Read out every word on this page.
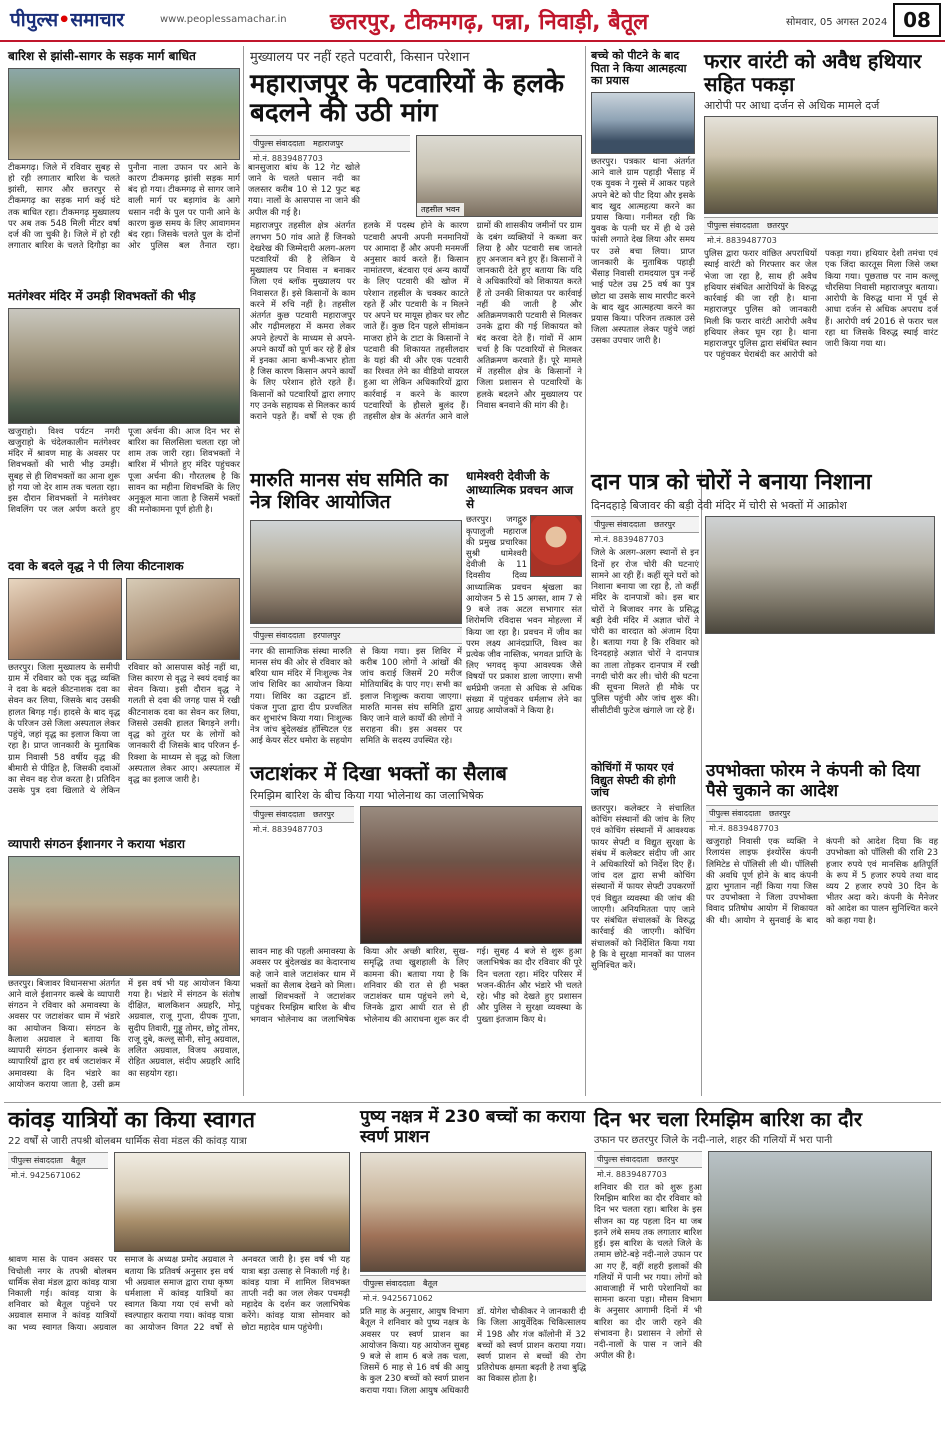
पीपुल्स•समाचार	www.peoplessamachar.in छतरपुर, टीकमगढ़, पन्ना, निवाड़ी, बैतूल	सोमवार, 05 अगस्त 2024 08
बारिश से झांसी-सागर के सड़क मार्ग बाधित
टीकमगढ़। जिले में रविवार सुबह से हो रही लगातार बारिश के चलते झांसी, सागर और छतरपुर से टीकमगढ़ का सड़क मार्ग कई घंटे तक बाधित रहा। टीकमगढ़ मुख्यालय पर अब तक 548 मिली मीटर वर्षा दर्ज की जा चुकी है। जिले में हो रही लगातार बारिश के चलते दिगौड़ा का पुनौना नाला उफान पर आने के कारण टीकमगढ़ झांसी सड़क मार्ग बंद हो गया। टीकमगढ़ से सागर जाने वाली मार्ग पर बड़ागांव के आगे धसान नदी के पुल पर पानी आने के कारण कुछ समय के लिए आवागमन बंद रहा। जिसके चलते पुल के दोनों ओर पुलिस बल तैनात रहा। बानसुजारा बांध के 12 गेट खोले जाने के चलते धसान नदी का जलस्तर करीब 10 से 12 फुट बढ़ गया। नालों के आसपास ना जाने की अपील की गई है।
मतंगेश्वर मंदिर में उमड़ी शिवभक्तों की भीड़
खजुराहो। विश्व पर्यटन नगरी खजुराहो के चंदेलकालीन मतंगेश्वर मंदिर में श्रावण माह के अवसर पर शिवभक्तों की भारी भीड़ उमड़ी। सुबह से ही शिवभक्तों का आना शुरू हो गया जो देर शाम तक चलता रहा। इस दौरान शिवभक्तों ने मतंगेश्वर शिवलिंग पर जल अर्पण करते हुए पूजा अर्चना की। आज दिन भर से बारिश का सिलसिला चलता रहा जो शाम तक जारी रहा। शिवभक्तों ने बारिश में भीगते हुए मंदिर पहुंचकर पूजा अर्चना की। गौरतलब है कि सावन का महीना शिवभक्ति के लिए अनुकूल माना जाता है जिसमें भक्तों की मनोकामना पूर्ण होती है।
दवा के बदले वृद्ध ने पी लिया कीटनाशक
छतरपुर। जिला मुख्यालय के समीपी ग्राम में रविवार को एक वृद्ध व्यक्ति ने दवा के बदले कीटनाशक दवा का सेवन कर लिया, जिसके बाद उसकी हालत बिगड़ गई। हादसे के बाद वृद्ध के परिजन उसे जिला अस्पताल लेकर पहुंचे, जहां वृद्ध का इलाज किया जा रहा है। प्राप्त जानकारी के मुताबिक ग्राम निवासी 58 वर्षीय वृद्ध की बीमारी से पीड़ित है, जिसकी दवाओं का सेवन वह रोज करता है। प्रतिदिन उसके पुत्र दवा खिलाते थे लेकिन रविवार को आसपास कोई नहीं था, जिस कारण से वृद्ध ने स्वयं दवाई का सेवन किया। इसी दौरान वृद्ध ने गलती से दवा की जगह पास में रखी कीटनाशक दवा का सेवन कर लिया, जिससे उसकी हालत बिगड़ने लगी। वृद्ध को तुरंत घर के लोगों को जानकारी दी जिसके बाद परिजन ई-रिक्शा के माध्यम से वृद्ध को जिला अस्पताल लेकर आए। अस्पताल में वृद्ध का इलाज जारी है।
व्यापारी संगठन ईशानगर ने कराया भंडारा
छतरपुर। बिजावर विधानसभा अंतर्गत आने वाले ईशानगर कस्बे के व्यापारी संगठन ने रविवार को अमावस्या के अवसर पर जटाशंकर धाम में भंडारे का आयोजन किया। संगठन के कैलाश अग्रवाल ने बताया कि व्यापारी संगठन ईशानगर कस्बे के व्यापारियों द्वारा हर वर्ष जटाशंकर में अमावस्या के दिन भंडारे का आयोजन कराया जाता है, उसी क्रम में इस वर्ष भी यह आयोजन किया गया है। भंडारे में संगठन के संतोष दीक्षित, बालकिशन अग्रहरि, मोनू अग्रवाल, राजू गुप्ता, दीपक गुप्ता, सुदीप तिवारी, गुड्डू तोमर, छोटू तोमर, राजू दुबे, कल्लू सोनी, सोनू अग्रवाल, ललित अग्रवाल, विजय अग्रवाल, रोहित अग्रवाल, संदीप अग्रहरि आदि का सहयोग रहा।
मुख्यालय पर नहीं रहते पटवारी, किसान परेशान
महाराजपुर के पटवारियों के हलके बदलने की उठी मांग
पीपुल्स संवाददाता महाराजपुर
मो.नं. 8839487703
तहसील भवन
महाराजपुर तहसील क्षेत्र अंतर्गत लगभग 50 गांव आते हैं जिनको देखरेख की जिम्मेदारी अलग-अलग पटवारियों की है लेकिन ये मुख्यालय पर निवास न बनाकर जिला एवं ब्लॉक मुख्यालय पर निवासरत हैं। इसे किसानों के काम करने में रुचि नहीं है। तहसील अंतर्गत कुछ पटवारी महाराजपुर और गढ़ीमलहरा में कमरा लेकर अपने हेल्परों के माध्यम से अपने-अपने कार्यों को पूर्ण कर रहे हैं क्षेत्र में इनका आना कभी-कभार होता है जिस कारण किसान अपने कार्यों के लिए परेशान होते रहते हैं। किसानों को पटवारियों द्वारा लगाए गए उनके सहायक से मिलकर कार्य कराने पड़ते हैं। वर्षों से एक ही हलके में पदस्थ होने के कारण पटवारी अपनी अपनी मनमानियों पर आमादा हैं और अपनी मनमर्जी अनुसार कार्य करते हैं। किसान नामांतरण, बंटवारा एवं अन्य कार्यों के लिए पटवारी की खोज में परेशान तहसील के चक्कर काटते रहते हैं और पटवारी के न मिलने पर अपने घर मायूस होकर घर लौट जाते हैं। कुछ दिन पहले सीमांकन माजरा होने के टाटा के किसानों ने पटवारी की शिकायत तहसीलदार के यहां की थी और एक पटवारी का रिश्वत लेने का वीडियो वायरल हुआ था लेकिन अधिकारियों द्वारा कार्रवाई न करने के कारण पटवारियों के हौसले बुलंद हैं। तहसील क्षेत्र के अंतर्गत आने वाले ग्रामों की शासकीय जमीनों पर ग्राम के दबंग व्यक्तियों ने कब्जा कर लिया है और पटवारी सब जानते हुए अनजान बने हुए हैं। किसानों ने जानकारी देते हुए बताया कि यदि वे अधिकारियों को शिकायत करते हैं तो उनकी शिकायत पर कार्रवाई नहीं की जाती है और अतिक्रमणकारी पटवारी से मिलकर उनके द्वारा की गई शिकायत को बंद करवा देते हैं। गांवों में आम चर्चा है कि पटवारियों से मिलकर अतिक्रमण करवाते हैं। पूरे मामले में तहसील क्षेत्र के किसानों ने जिला प्रशासन से पटवारियों के हलके बदलने और मुख्यालय पर निवास बनवाने की मांग की है।
मारुति मानस संघ समिति का नेत्र शिविर आयोजित
पीपुल्स संवाददाता हरपालपुर
नगर की सामाजिक संस्था मारुति मानस संघ की ओर से रविवार को बरिया धाम मंदिर में निःशुल्क नेत्र जांच शिविर का आयोजन किया गया। शिविर का उद्घाटन डॉ. पंकज गुप्ता द्वारा दीप प्रज्वलित कर शुभारंभ किया गया। निःशुल्क नेत्र जांच बुंदेलखंड हॉस्पिटल एंड आई केयर सेंटर धमोरा के सहयोग से किया गया। इस शिविर में करीब 100 लोगों ने आंखों की जांच कराई जिसमें 20 मरीज मोतियाबिंद के पाए गए। सभी का इलाज निःशुल्क कराया जाएगा। मारुति मानस संघ समिति द्वारा किए जाने वाले कार्यों की लोगों ने सराहना की। इस अवसर पर समिति के सदस्य उपस्थित रहे।
धामेश्वरी देवीजी के आध्यात्मिक प्रवचन आज से
छतरपुर। जगद्गुरु कृपालुजी महाराज की प्रमुख प्रचारिका सुश्री धामेश्वरी देवीजी के 11 दिवसीय दिव्य आध्यात्मिक प्रवचन श्रृंखला का आयोजन 5 से 15 अगस्त, शाम 7 से 9 बजे तक अटल सभागार संत शिरोमणि रविदास भवन मोहल्ला में किया जा रहा है। प्रवचन में जीव का परम लक्ष्य आनंदप्राप्ति, विश्व का प्रत्येक जीव नास्तिक, भगवत प्राप्ति के लिए भगवद् कृपा आवश्यक जैसे विषयों पर प्रकाश डाला जाएगा। सभी धर्मप्रेमी जनता से अधिक से अधिक संख्या में पहुंचकर धर्मलाभ लेने का आग्रह आयोजकों ने किया है।
बच्चे को पीटने के बाद पिता ने किया आत्महत्या का प्रयास
छतरपुर। पत्रकार थाना अंतर्गत आने वाले ग्राम पहाड़ी भैंसाड़ में एक युवक ने गुस्से में आकर पहले अपने बेटे को पीट दिया और इसके बाद खुद आत्महत्या करने का प्रयास किया। गनीमत रही कि युवक के पत्नी घर में ही थे उसे फांसी लगाते देख लिया और समय पर उसे बचा लिया। प्राप्त जानकारी के मुताबिक पहाड़ी भैंसाड़ निवासी रामदयाल पुत्र नन्हें भाई पटेल उम्र 25 वर्ष का पुत्र छोटा था उसके साथ मारपीट करने के बाद खुद आत्महत्या करने का प्रयास किया। परिजन तत्काल उसे जिला अस्पताल लेकर पहुंचे जहां उसका उपचार जारी है।
फरार वारंटी को अवैध हथियार सहित पकड़ा
आरोपी पर आधा दर्जन से अधिक मामले दर्ज
पीपुल्स संवाददाता छतरपुर
मो.नं. 8839487703
पुलिस द्वारा फरार वांछित अपराधियों स्थाई वारंटी को गिरफ्तार कर जेल भेजा जा रहा है, साथ ही अवैध हथियार संबंधित आरोपियों के विरुद्ध कार्रवाई की जा रही है। थाना महाराजपुर पुलिस को जानकारी मिली कि फरार वारंटी आरोपी अवैध हथियार लेकर घूम रहा है। थाना महाराजपुर पुलिस द्वारा संबंधित स्थान पर पहुंचकर घेराबंदी कर आरोपी को पकड़ा गया। हथियार देशी तमंचा एवं एक जिंदा कारतूस मिला जिसे जब्त किया गया। पूछताछ पर नाम कल्लू चौरसिया निवासी महाराजपुर बताया। आरोपी के विरुद्ध थाना में पूर्व से आधा दर्जन से अधिक अपराध दर्ज हैं। आरोपी वर्ष 2016 से फरार चल रहा था जिसके विरुद्ध स्थाई वारंट जारी किया गया था।
दान पात्र को चोरों ने बनाया निशाना
दिनदहाड़े बिजावर की बड़ी देवी मंदिर में चोरी से भक्तों में आक्रोश
पीपुल्स संवाददाता छतरपुर
मो.नं. 8839487703
जिले के अलग-अलग स्थानों से इन दिनों हर रोज चोरी की घटनाएं सामने आ रही हैं। कहीं सूने घरों को निशाना बनाया जा रहा है, तो कहीं मंदिर के दानपात्रों को। इस बार चोरों ने बिजावर नगर के प्रसिद्ध बड़ी देवी मंदिर में अज्ञात चोरों ने चोरी का वारदात को अंजाम दिया है। बताया गया है कि रविवार को दिनदहाड़े अज्ञात चोरों ने दानपात्र का ताला तोड़कर दानपात्र में रखी नगदी चोरी कर ली। चोरी की घटना की सूचना मिलते ही मौके पर पुलिस पहुंची और जांच शुरू की। सीसीटीवी फुटेज खंगाले जा रहे हैं।
जटाशंकर में दिखा भक्तों का सैलाब
रिमझिम बारिश के बीच किया गया भोलेनाथ का जलाभिषेक
पीपुल्स संवाददाता छतरपुर
मो.नं. 8839487703
सावन माह की पहली अमावस्या के अवसर पर बुंदेलखंड का केदारनाथ कहे जाने वाले जटाशंकर धाम में भक्तों का सैलाब देखने को मिला। लाखों शिवभक्तों ने जटाशंकर पहुंचकर रिमझिम बारिश के बीच भगवान भोलेनाथ का जलाभिषेक किया और अच्छी बारिश, सुख-समृद्धि तथा खुशहाली के लिए कामना की। बताया गया है कि शनिवार की रात से ही भक्त जटाशंकर धाम पहुंचने लगे थे, जिनके द्वारा आधी रात से ही भोलेनाथ की आराधना शुरू कर दी गई। सुबह 4 बजे से शुरू हुआ जलाभिषेक का दौर रविवार की पूरे दिन चलता रहा। मंदिर परिसर में भजन-कीर्तन और भंडारे भी चलते रहे। भीड़ को देखते हुए प्रशासन और पुलिस ने सुरक्षा व्यवस्था के पुख्ता इंतजाम किए थे।
कोचिंगों में फायर एवं विद्युत सेफ्टी की होगी जांच
छतरपुर। कलेक्टर ने संचालित कोचिंग संस्थानों की जांच के लिए एवं कोचिंग संस्थानों में आवश्यक फायर सेफ्टी व विद्युत सुरक्षा के संबंध में कलेक्टर संदीप जी आर ने अधिकारियों को निर्देश दिए हैं। जांच दल द्वारा सभी कोचिंग संस्थानों में फायर सेफ्टी उपकरणों एवं विद्युत व्यवस्था की जांच की जाएगी। अनियमितता पाए जाने पर संबंधित संचालकों के विरुद्ध कार्रवाई की जाएगी। कोचिंग संचालकों को निर्देशित किया गया है कि वे सुरक्षा मानकों का पालन सुनिश्चित करें।
उपभोक्ता फोरम ने कंपनी को दिया पैसे चुकाने का आदेश
पीपुल्स संवाददाता छतरपुर
मो.नं. 8839487703
खजुराहो निवासी एक व्यक्ति ने रिलायंस लाइफ इंश्योरेंस कंपनी लिमिटेड से पॉलिसी ली थी। पॉलिसी की अवधि पूर्ण होने के बाद कंपनी द्वारा भुगतान नहीं किया गया जिस पर उपभोक्ता ने जिला उपभोक्ता विवाद प्रतिषोध आयोग में शिकायत की थी। आयोग ने सुनवाई के बाद कंपनी को आदेश दिया कि वह उपभोक्ता को पॉलिसी की राशि 23 हजार रुपये एवं मानसिक क्षतिपूर्ति के रूप में 5 हजार रुपये तथा वाद व्यय 2 हजार रुपये 30 दिन के भीतर अदा करे। कंपनी के मैनेजर को आदेश का पालन सुनिश्चित करने को कहा गया है।
कांवड़ यात्रियों का किया स्वागत
22 वर्षों से जारी तपश्री बोलबम धार्मिक सेवा मंडल की कांवड़ यात्रा
पीपुल्स संवाददाता बैतूल
मो.नं. 9425671062
श्रावण मास के पावन अवसर पर चिचोली नगर के तपश्री बोलबम धार्मिक सेवा मंडल द्वारा कांवड़ यात्रा निकाली गई। कांवड़ यात्रा के शनिवार को बैतूल पहुंचने पर अग्रवाल समाज ने कांवड़ यात्रियों का भव्य स्वागत किया। अग्रवाल समाज के अध्यक्ष प्रमोद अग्रवाल ने बताया कि प्रतिवर्ष अनुसार इस वर्ष भी अग्रवाल समाज द्वारा राधा कृष्ण धर्मशाला में कांवड़ यात्रियों का स्वागत किया गया एवं सभी को स्वल्पाहार कराया गया। कांवड़ यात्रा का आयोजन विगत 22 वर्षों से अनवरत जारी है। इस वर्ष भी यह यात्रा बड़ा उत्साह से निकाली गई है। कांवड़ यात्रा में शामिल शिवभक्त ताप्ती नदी का जल लेकर पचमढ़ी महादेव के दर्शन कर जलाभिषेक करेंगे। कांवड़ यात्रा सोमवार को छोटा महादेव धाम पहुंचेगी।
पुष्य नक्षत्र में 230 बच्चों का कराया स्वर्ण प्राशन
पीपुल्स संवाददाता बैतूल
मो.नं. 9425671062
प्रति माह के अनुसार, आयुष विभाग बैतूल ने शनिवार को पुष्य नक्षत्र के अवसर पर स्वर्ण प्राशन का आयोजन किया। यह आयोजन सुबह 9 बजे से शाम 6 बजे तक चला, जिसमें 6 माह से 16 वर्ष की आयु के कुल 230 बच्चों को स्वर्ण प्राशन कराया गया। जिला आयुष अधिकारी डॉ. योगेश चौकीकर ने जानकारी दी कि जिला आयुर्वेदिक चिकित्सालय में 198 और गंज कॉलोनी में 32 बच्चों को स्वर्ण प्राशन कराया गया। स्वर्ण प्राशन से बच्चों की रोग प्रतिरोधक क्षमता बढ़ती है तथा बुद्धि का विकास होता है।
दिन भर चला रिमझिम बारिश का दौर
उफान पर छतरपुर जिले के नदी-नाले, शहर की गलियों में भरा पानी
पीपुल्स संवाददाता छतरपुर
मो.नं. 8839487703
शनिवार की रात को शुरू हुआ रिमझिम बारिश का दौर रविवार को दिन भर चलता रहा। बारिश के इस सीजन का यह पहला दिन था जब इतने लंबे समय तक लगातार बारिश हुई। इस बारिश के चलते जिले के तमाम छोटे-बड़े नदी-नाले उफान पर आ गए हैं, वहीं शहरी इलाकों की गलियों में पानी भर गया। लोगों को आवाजाही में भारी परेशानियों का सामना करना पड़ा। मौसम विभाग के अनुसार आगामी दिनों में भी बारिश का दौर जारी रहने की संभावना है। प्रशासन ने लोगों से नदी-नालों के पास न जाने की अपील की है।
